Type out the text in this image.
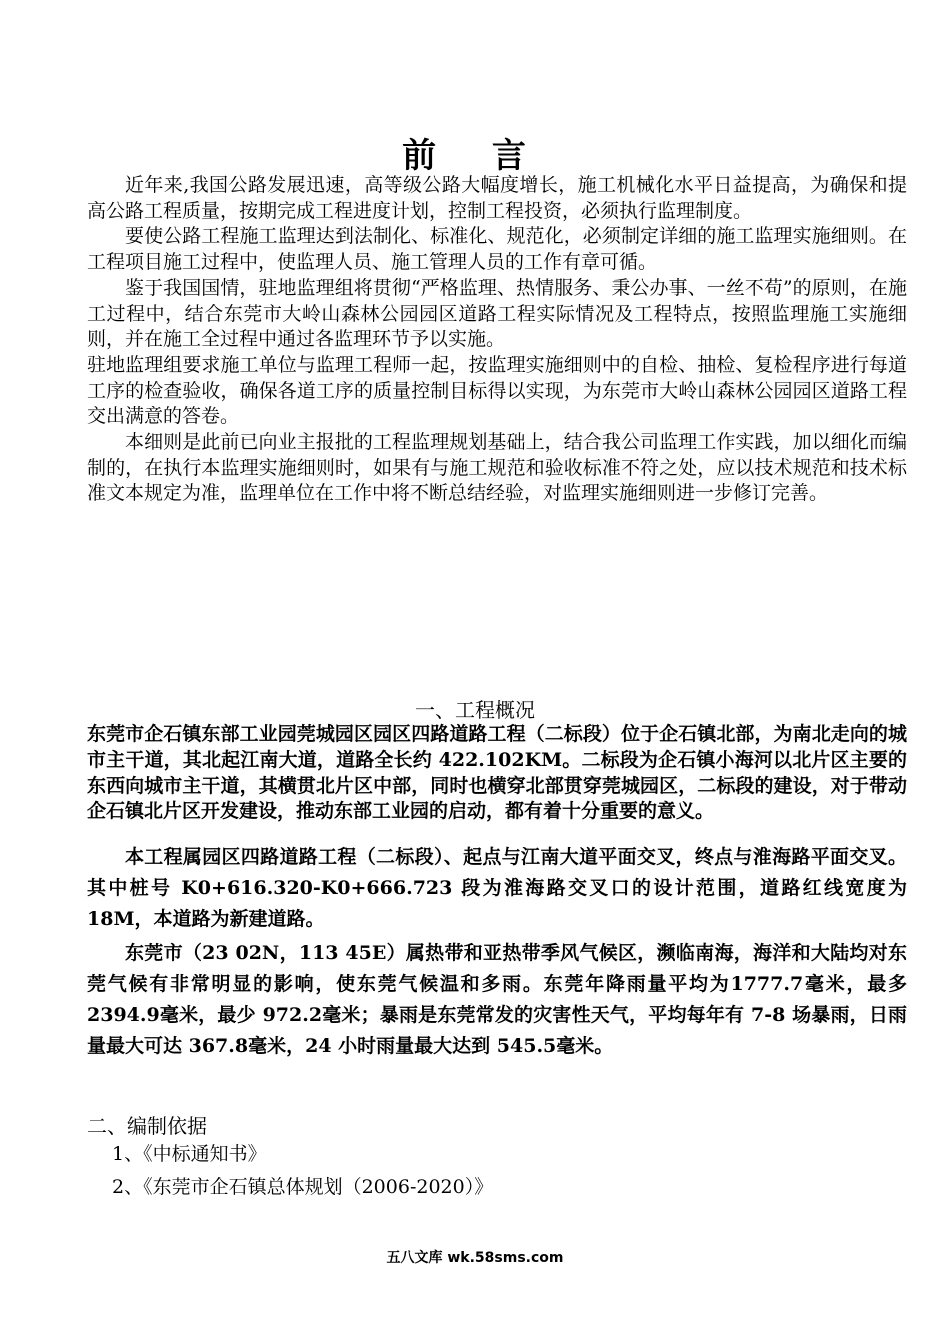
前 言

近年来,我国公路发展迅速，高等级公路大幅度增长，施工机械化水平日益提高，为确保和提高公路工程质量，按期完成工程进度计划，控制工程投资，必须执行监理制度。

要使公路工程施工监理达到法制化、标准化、规范化，必须制定详细的施工监理实施细则。在工程项目施工过程中，使监理人员、施工管理人员的工作有章可循。

鉴于我国国情，驻地监理组将贯彻“严格监理、热情服务、秉公办事、一丝不苟”的原则，在施工过程中，结合东莞市大岭山森林公园园区道路工程实际情况及工程特点，按照监理施工实施细则，并在施工全过程中通过各监理环节予以实施。

驻地监理组要求施工单位与监理工程师一起，按监理实施细则中的自检、抽检、复检程序进行每道工序的检查验收，确保各道工序的质量控制目标得以实现，为东莞市大岭山森林公园园区道路工程交出满意的答卷。

本细则是此前已向业主报批的工程监理规划基础上，结合我公司监理工作实践，加以细化而编制的，在执行本监理实施细则时，如果有与施工规范和验收标准不符之处，应以技术规范和技术标准文本规定为准，监理单位在工作中将不断总结经验，对监理实施细则进一步修订完善。

一、工程概况
东莞市企石镇东部工业园莞城园区园区四路道路工程（二标段）位于企石镇北部，为南北走向的城市主干道，其北起江南大道，道路全长约 422.102KM。二标段为企石镇小海河以北片区主要的东西向城市主干道，其横贯北片区中部，同时也横穿北部贯穿莞城园区，二标段的建设，对于带动企石镇北片区开发建设，推动东部工业园的启动，都有着十分重要的意义。

本工程属园区四路道路工程（二标段）、起点与江南大道平面交叉，终点与淮海路平面交叉。其中桩号 K0+616.320-K0+666.723 段为淮海路交叉口的设计范围，道路红线宽度为 18M，本道路为新建道路。

东莞市（23 02N，113 45E）属热带和亚热带季风气候区，濒临南海，海洋和大陆均对东莞气候有非常明显的影响，使东莞气候温和多雨。东莞年降雨量平均为1777.7毫米，最多 2394.9毫米，最少 972.2毫米；暴雨是东莞常发的灾害性天气，平均每年有 7-8 场暴雨，日雨量最大可达 367.8毫米，24 小时雨量最大达到 545.5毫米。

二、编制依据
1、《中标通知书》
2、《东莞市企石镇总体规划（2006-2020）》
五八文库 wk.58sms.com
